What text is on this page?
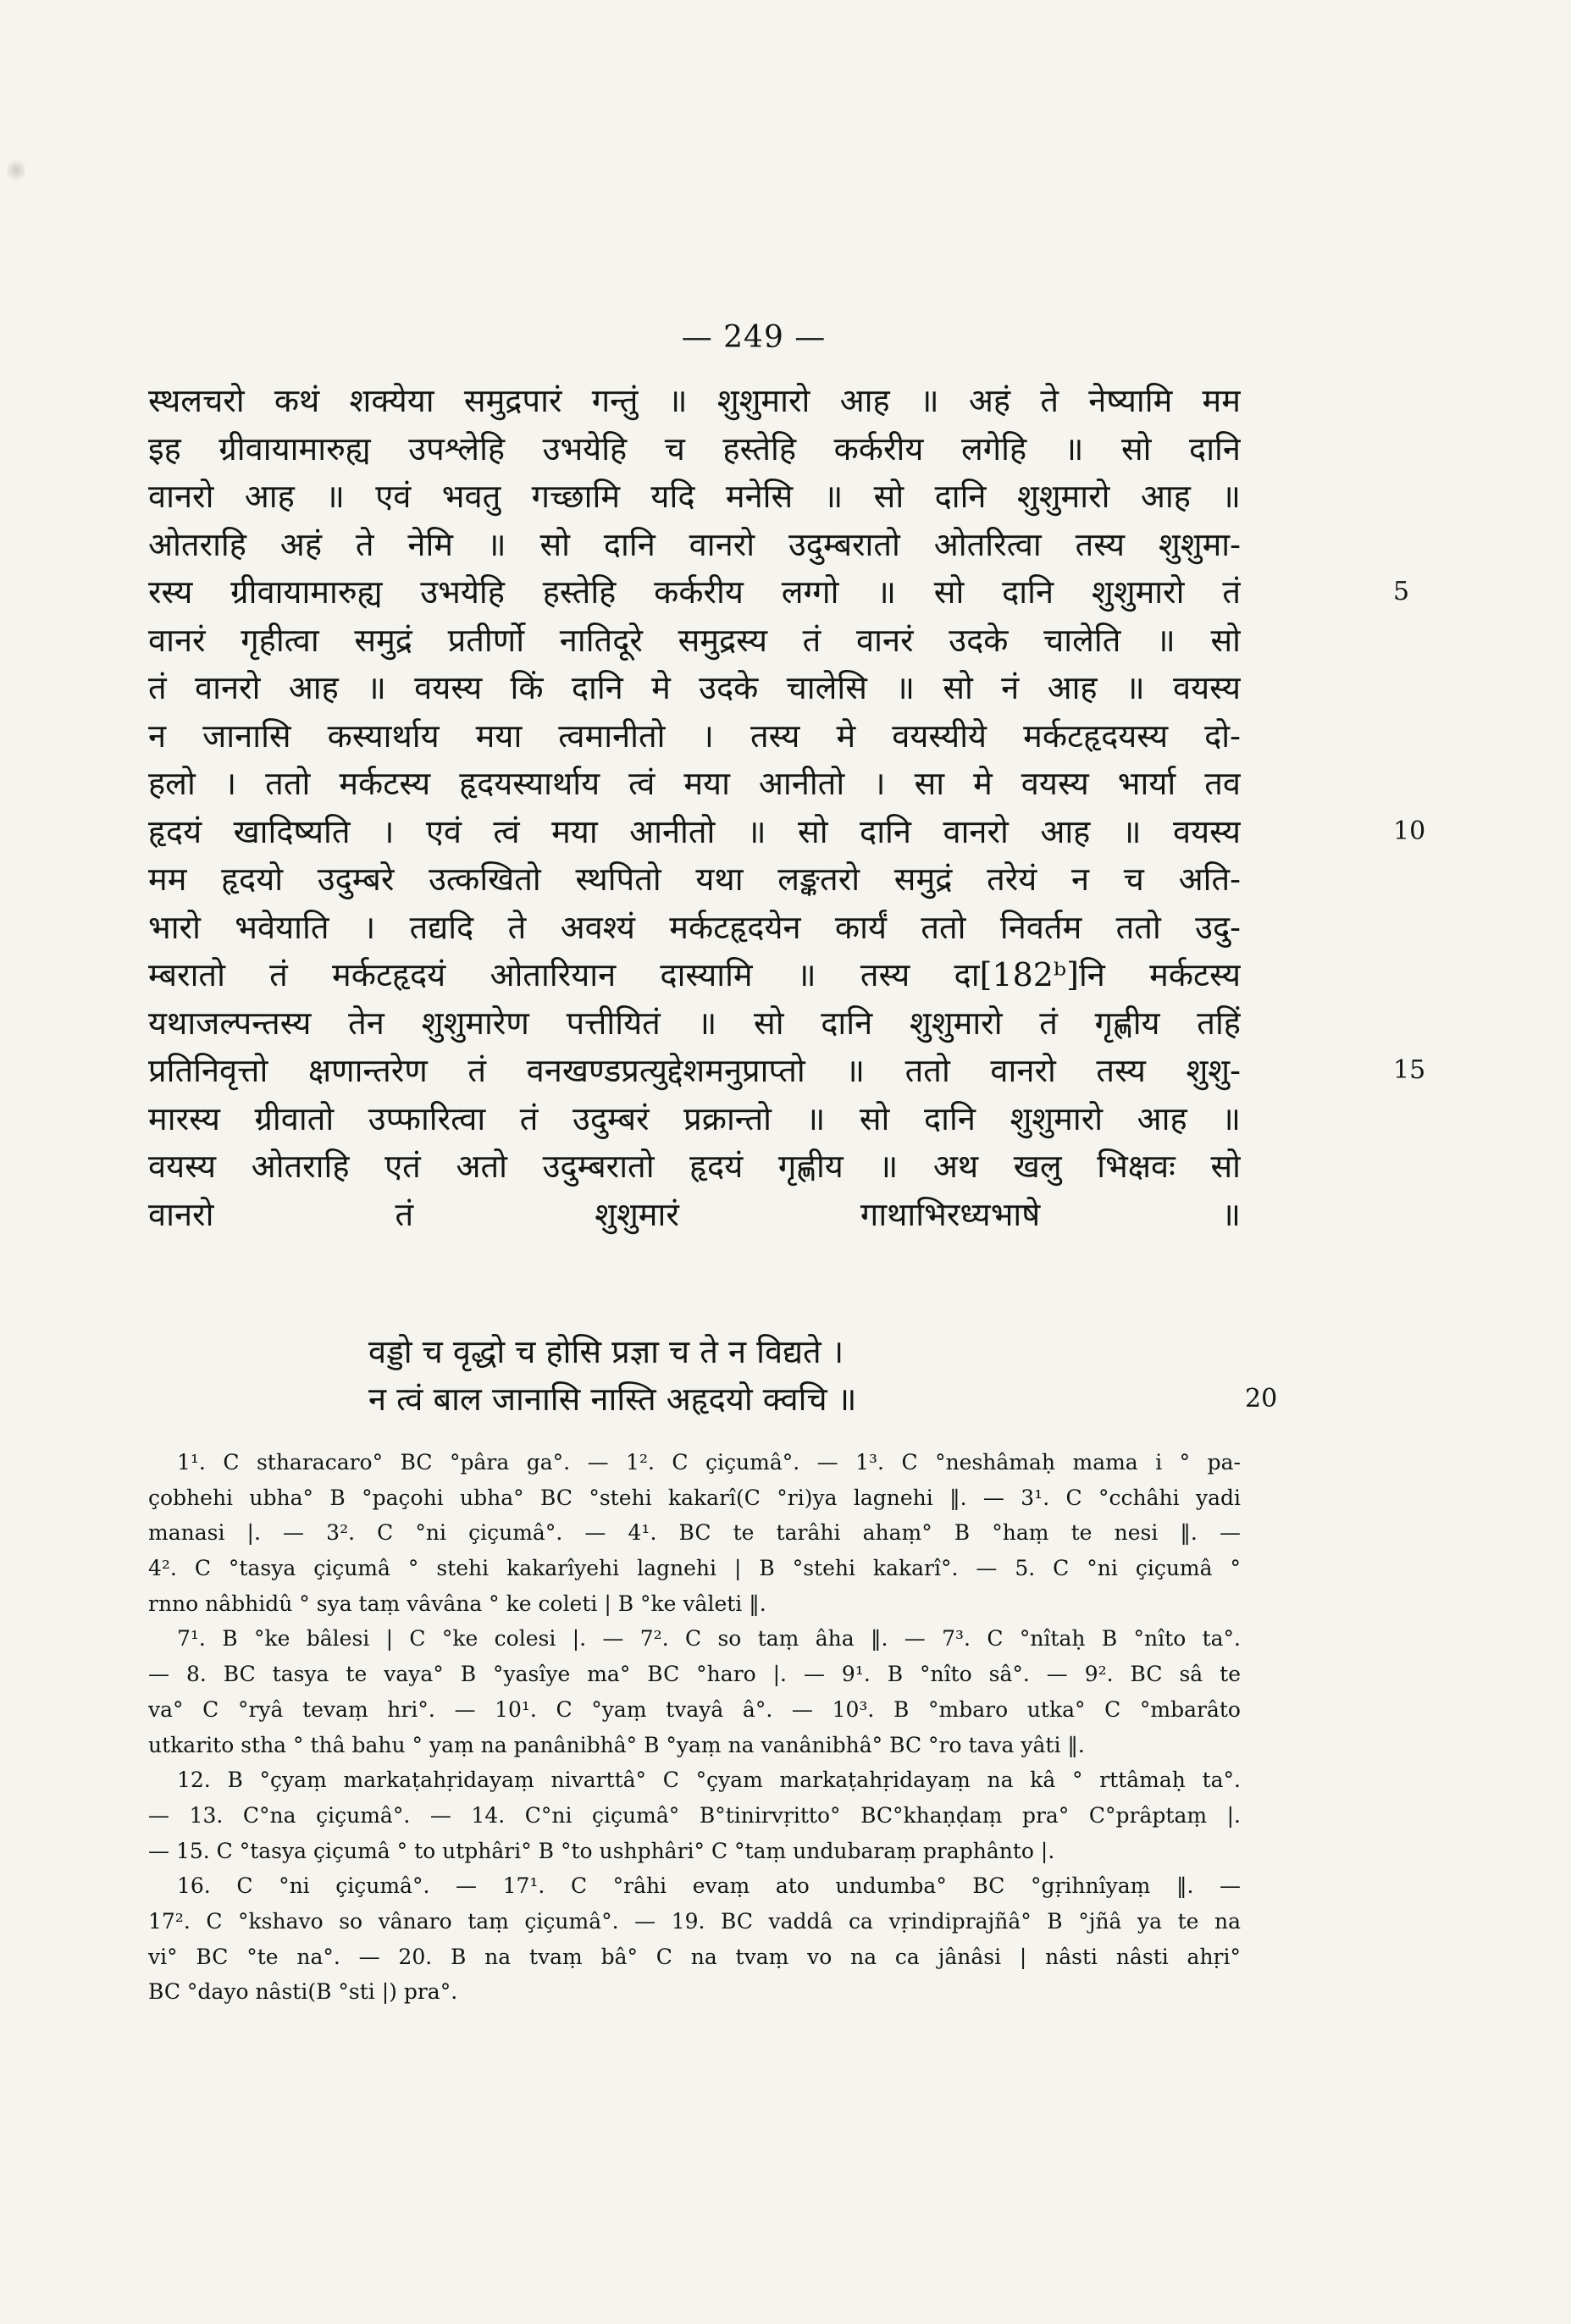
— 249 —
स्थलचरो कथं शक्येया समुद्रपारं गन्तुं ॥ शुशुमारो आह ॥ अहं ते नेष्यामि मम
इह ग्रीवायामारुह्य उपश्लेहि उभयेहि च हस्तेहि कर्करीय लगेहि ॥ सो दानि
वानरो आह ॥ एवं भवतु गच्छामि यदि मनेसि ॥ सो दानि शुशुमारो आह ॥
ओतराहि अहं ते नेमि ॥ सो दानि वानरो उदुम्बरातो ओतरित्वा तस्य शुशुमा-
रस्य ग्रीवायामारुह्य उभयेहि हस्तेहि कर्करीय लग्गो ॥ सो दानि शुशुमारो तं	5
वानरं गृहीत्वा समुद्रं प्रतीर्णो नातिदूरे समुद्रस्य तं वानरं उदके चालेति ॥ सो
तं वानरो आह ॥ वयस्य किं दानि मे उदके चालेसि ॥ सो नं आह ॥ वयस्य
न जानासि कस्यार्थाय मया त्वमानीतो । तस्य मे वयस्यीये मर्कटहृदयस्य दो-
हलो । ततो मर्कटस्य हृदयस्यार्थाय त्वं मया आनीतो । सा मे वयस्य भार्या तव
हृदयं खादिष्यति । एवं त्वं मया आनीतो ॥ सो दानि वानरो आह ॥ वयस्य	10
मम हृदयो उदुम्बरे उत्कखितो स्थपितो यथा लङ्कतरो समुद्रं तरेयं न च अति-
भारो भवेयाति । तद्यदि ते अवश्यं मर्कटहृदयेन कार्यं ततो निवर्तम ततो उदु-
म्बरातो तं मर्कटहृदयं ओतारियान दास्यामि ॥ तस्य दा[182ᵇ]नि मर्कटस्य
यथाजल्पन्तस्य तेन शुशुमारेण पत्तीयितं ॥ सो दानि शुशुमारो तं गृह्णीय तहिं
प्रतिनिवृत्तो क्षणान्तरेण तं वनखण्डप्रत्युद्देशमनुप्राप्तो ॥ ततो वानरो तस्य शुशु-	15
मारस्य ग्रीवातो उप्फारित्वा तं उदुम्बरं प्रक्रान्तो ॥ सो दानि शुशुमारो आह ॥
वयस्य ओतराहि एतं अतो उदुम्बरातो हृदयं गृह्णीय ॥ अथ खलु भिक्षवः सो
वानरो तं शुशुमारं गाथाभिरध्यभाषे ॥
वड्डो च वृद्धो च होसि प्रज्ञा च ते न विद्यते ।
न त्वं बाल जानासि नास्ति अहृदयो क्वचि ॥	20
1¹. C stharacaro° BC °pâra ga°. — 1². C çiçumâ°. — 1³. C °neshâmaḥ mama i ° pa-
çobhehi ubha° B °paçohi ubha° BC °stehi kakarî(C °ri)ya lagnehi ‖. — 3¹. C °cchâhi yadi
manasi |. — 3². C °ni çiçumâ°. — 4¹. BC te tarâhi ahaṃ° B °haṃ te nesi ‖. —
4². C °tasya çiçumâ ° stehi kakarîyehi lagnehi | B °stehi kakarî°. — 5. C °ni çiçumâ °
rnno nâbhidû ° sya taṃ vâvâna ° ke coleti | B °ke vâleti ‖.
7¹. B °ke bâlesi | C °ke colesi |. — 7². C so taṃ âha ‖. — 7³. C °nîtaḥ B °nîto ta°.
— 8. BC tasya te vaya° B °yasîye ma° BC °haro |. — 9¹. B °nîto sâ°. — 9². BC sâ te
va° C °ryâ tevaṃ hri°. — 10¹. C °yaṃ tvayâ â°. — 10³. B °mbaro utka° C °mbarâto
utkarito stha ° thâ bahu ° yaṃ na panânibhâ° B °yaṃ na vanânibhâ° BC °ro tava yâti ‖.
12. B °çyaṃ markaṭahṛidayaṃ nivarttâ° C °çyam markaṭahṛidayaṃ na kâ ° rttâmaḥ ta°.
— 13. C°na çiçumâ°. — 14. C°ni çiçumâ° B°tinirvṛitto° BC°khaṇḍaṃ pra° C°prâptaṃ |.
— 15. C °tasya çiçumâ ° to utphâri° B °to ushphâri° C °taṃ undubaraṃ praphânto |.
16. C °ni çiçumâ°. — 17¹. C °râhi evaṃ ato undumba° BC °gṛihnîyaṃ ‖. —
17². C °kshavo so vânaro taṃ çiçumâ°. — 19. BC vaddâ ca vṛindiprajñâ° B °jñâ ya te na
vi° BC °te na°. — 20. B na tvaṃ bâ° C na tvaṃ vo na ca jânâsi | nâsti nâsti ahṛi°
BC °dayo nâsti(B °sti |) pra°.
